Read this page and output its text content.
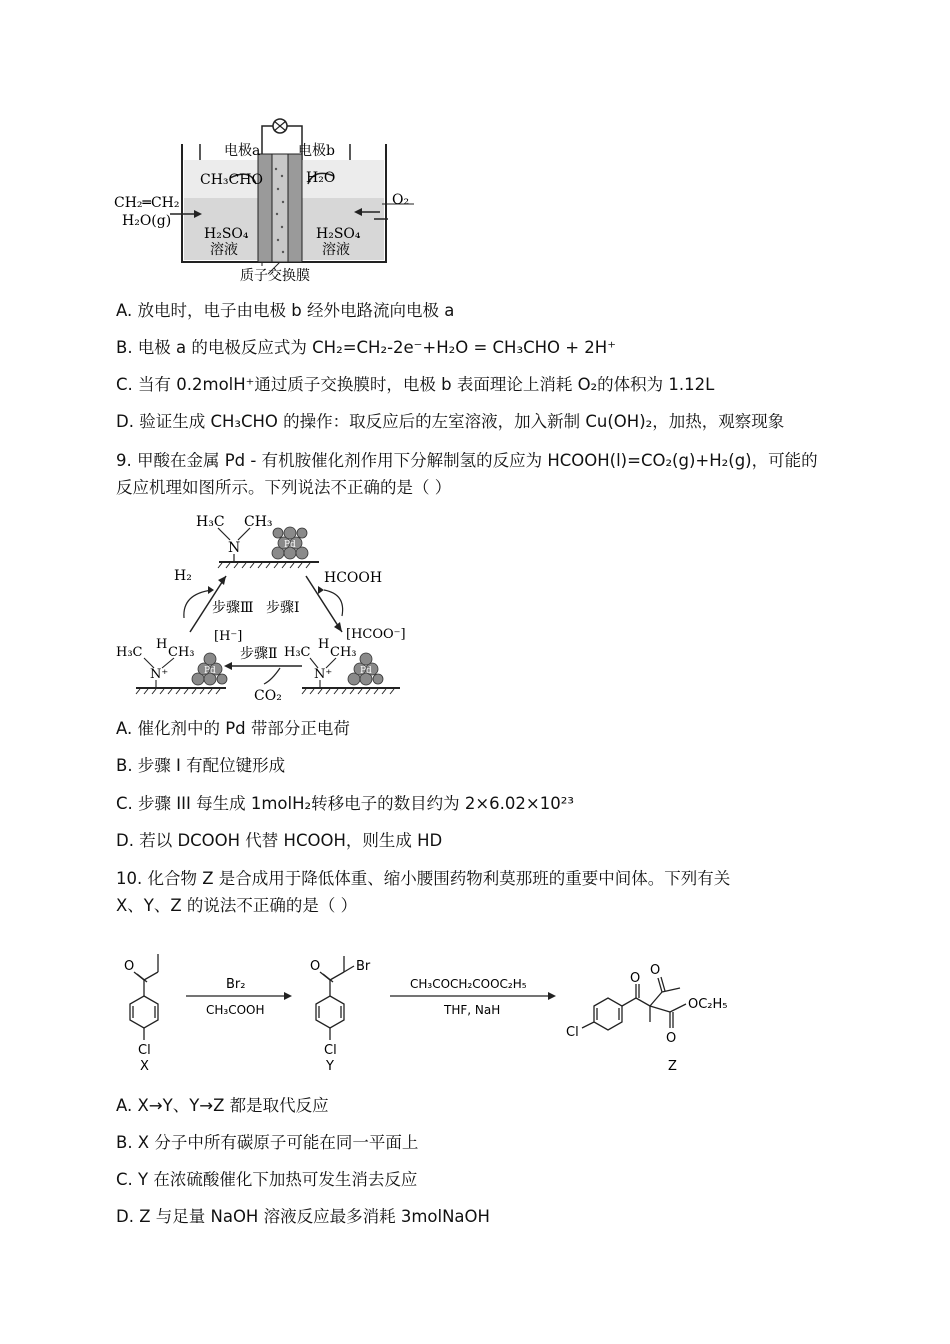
电极a	电极b
CH₃CHO	H₂O
CH₂═CH₂
H₂O(g)
O₂
H₂SO₄
溶液
H₂SO₄
溶液
质子交换膜
A. 放电时，电子由电极 b 经外电路流向电极 a
B. 电极 a 的电极反应式为 CH₂=CH₂-2e⁻+H₂O = CH₃CHO + 2H⁺
C. 当有 0.2molH⁺通过质子交换膜时，电极 b 表面理论上消耗 O₂的体积为 1.12L
D. 验证生成 CH₃CHO 的操作：取反应后的左室溶液，加入新制 Cu(OH)₂，加热，观察现象
9. 甲酸在金属 Pd - 有机胺催化剂作用下分解制氢的反应为 HCOOH(l)=CO₂(g)+H₂(g)，可能的
反应机理如图所示。下列说法不正确的是（ ）
Pd
H₃C CH₃
N
H₂	HCOOH
步骤Ⅲ 步骤Ⅰ
步骤Ⅱ
[H⁻]	[HCOO⁻]
CO₂
Pd
H₃C
H
CH₃
N⁺	Pd
H₃C
H
CH₃
N⁺
A. 催化剂中的 Pd 带部分正电荷
B. 步骤 I 有配位键形成
C. 步骤 III 每生成 1molH₂转移电子的数目约为 2×6.02×10²³
D. 若以 DCOOH 代替 HCOOH，则生成 HD
10. 化合物 Z 是合成用于降低体重、缩小腰围药物利莫那班的重要中间体。下列有关
X、Y、Z 的说法不正确的是（ ）
O
Cl
X
Br₂
CH₃COOH
O	Br
Cl
Y
CH₃COCH₂COOC₂H₅
THF, NaH
Cl
O
O
O
OC₂H₅
Z
A. X→Y、Y→Z 都是取代反应
B. X 分子中所有碳原子可能在同一平面上
C. Y 在浓硫酸催化下加热可发生消去反应
D. Z 与足量 NaOH 溶液反应最多消耗 3molNaOH
